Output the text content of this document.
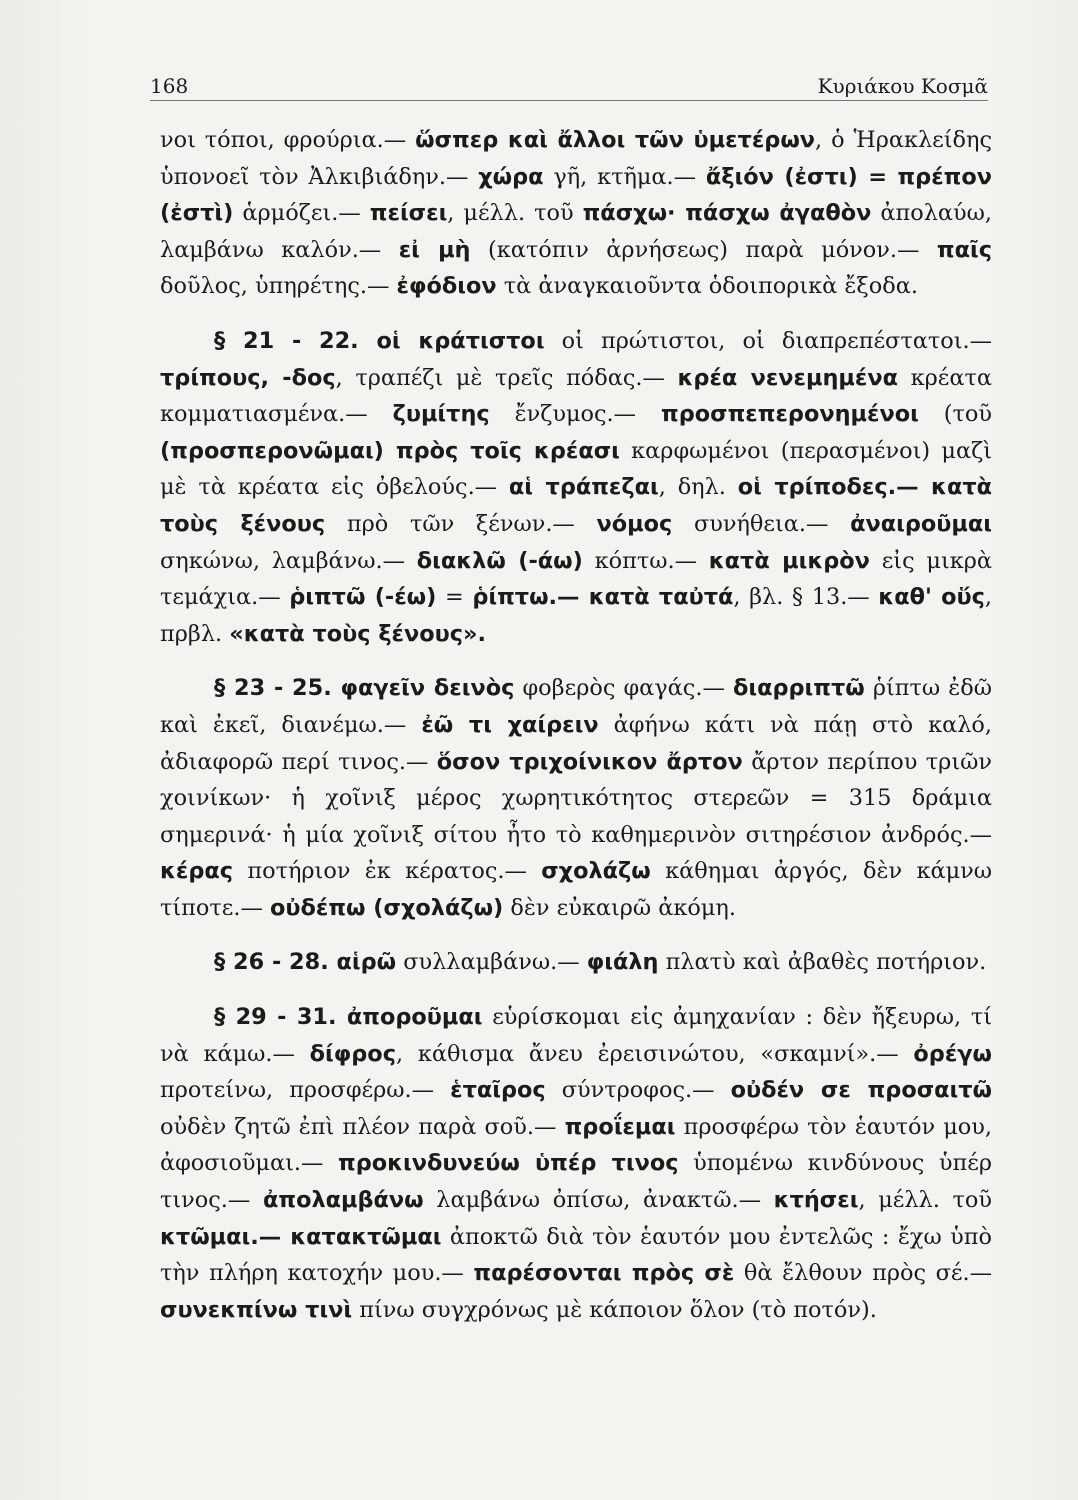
168	Κυριάκου Κοσμᾶ

νοι τόποι, φρούρια.— ὥσπερ καὶ ἄλλοι τῶν ὑμετέρων, ὁ Ἡρακλείδης ὑπονοεῖ τὸν Ἀλκιβιάδην.— χώρα γῆ, κτῆμα.— ἄξιόν (ἐστι) = πρέπον (ἐστὶ) ἁρμόζει.— πείσει, μέλλ. τοῦ πάσχω· πάσχω ἀγαθὸν ἀπολαύω, λαμβάνω καλόν.— εἰ μὴ (κατόπιν ἀρνήσεως) παρὰ μόνον.— παῖς δοῦλος, ὑπηρέτης.— ἐφόδιον τὰ ἀναγκαιοῦντα ὁδοιπορικὰ ἔξοδα.

§ 21 - 22. οἱ κράτιστοι οἱ πρώτιστοι, οἱ διαπρεπέστατοι.— τρίπους, -δος, τραπέζι μὲ τρεῖς πόδας.— κρέα νενεμημένα κρέατα κομματιασμένα.— ζυμίτης ἔνζυμος.— προσπεπερονημένοι (τοῦ (προσπερονῶμαι) πρὸς τοῖς κρέασι καρφωμένοι (περασμένοι) μαζὶ μὲ τὰ κρέατα εἰς ὀβελούς.— αἱ τράπεζαι, δηλ. οἱ τρίποδες.— κατὰ τοὺς ξένους πρὸ τῶν ξένων.— νόμος συνήθεια.— ἀναιροῦμαι σηκώνω, λαμβάνω.— διακλῶ (-άω) κόπτω.— κατὰ μικρὸν εἰς μικρὰ τεμάχια.— ῥιπτῶ (-έω) = ῥίπτω.— κατὰ ταὐτά, βλ. § 13.— καθ' οὕς, πρβλ. «κατὰ τοὺς ξένους».

§ 23 - 25. φαγεῖν δεινὸς φοβερὸς φαγάς.— διαρριπτῶ ῥίπτω ἐδῶ καὶ ἐκεῖ, διανέμω.— ἐῶ τι χαίρειν ἀφήνω κάτι νὰ πάῃ στὸ καλό, ἀδιαφορῶ περί τινος.— ὅσον τριχοίνικον ἄρτον ἄρτον περίπου τριῶν χοινίκων· ἡ χοῖνιξ μέρος χωρητικότητος στερεῶν = 315 δράμια σημερινά· ἡ μία χοῖνιξ σίτου ἦτο τὸ καθημερινὸν σιτηρέσιον ἀνδρός.— κέρας ποτήριον ἐκ κέρατος.— σχολάζω κάθημαι ἀργός, δὲν κάμνω τίποτε.— οὐδέπω (σχολάζω) δὲν εὐκαιρῶ ἀκόμη.

§ 26 - 28. αἱρῶ συλλαμβάνω.— φιάλη πλατὺ καὶ ἀβαθὲς ποτήριον.

§ 29 - 31. ἀποροῦμαι εὑρίσκομαι εἰς ἀμηχανίαν : δὲν ἤξευρω, τί νὰ κάμω.— δίφρος, κάθισμα ἄνευ ἐρεισινώτου, «σκαμνί».— ὀρέγω προτείνω, προσφέρω.— ἑταῖρος σύντροφος.— οὐδέν σε προσαιτῶ οὐδὲν ζητῶ ἐπὶ πλέον παρὰ σοῦ.— προΐεμαι προσφέρω τὸν ἑαυτόν μου, ἀφοσιοῦμαι.— προκινδυνεύω ὑπέρ τινος ὑπομένω κινδύνους ὑπέρ τινος.— ἀπολαμβάνω λαμβάνω ὀπίσω, ἀνακτῶ.— κτήσει, μέλλ. τοῦ κτῶμαι.— κατακτῶμαι ἀποκτῶ διὰ τὸν ἑαυτόν μου ἐντελῶς : ἔχω ὑπὸ τὴν πλήρη κατοχήν μου.— παρέσονται πρὸς σὲ θὰ ἔλθουν πρὸς σέ.— συνεκπίνω τινὶ πίνω συγχρόνως μὲ κάποιον ὅλον (τὸ ποτόν).
